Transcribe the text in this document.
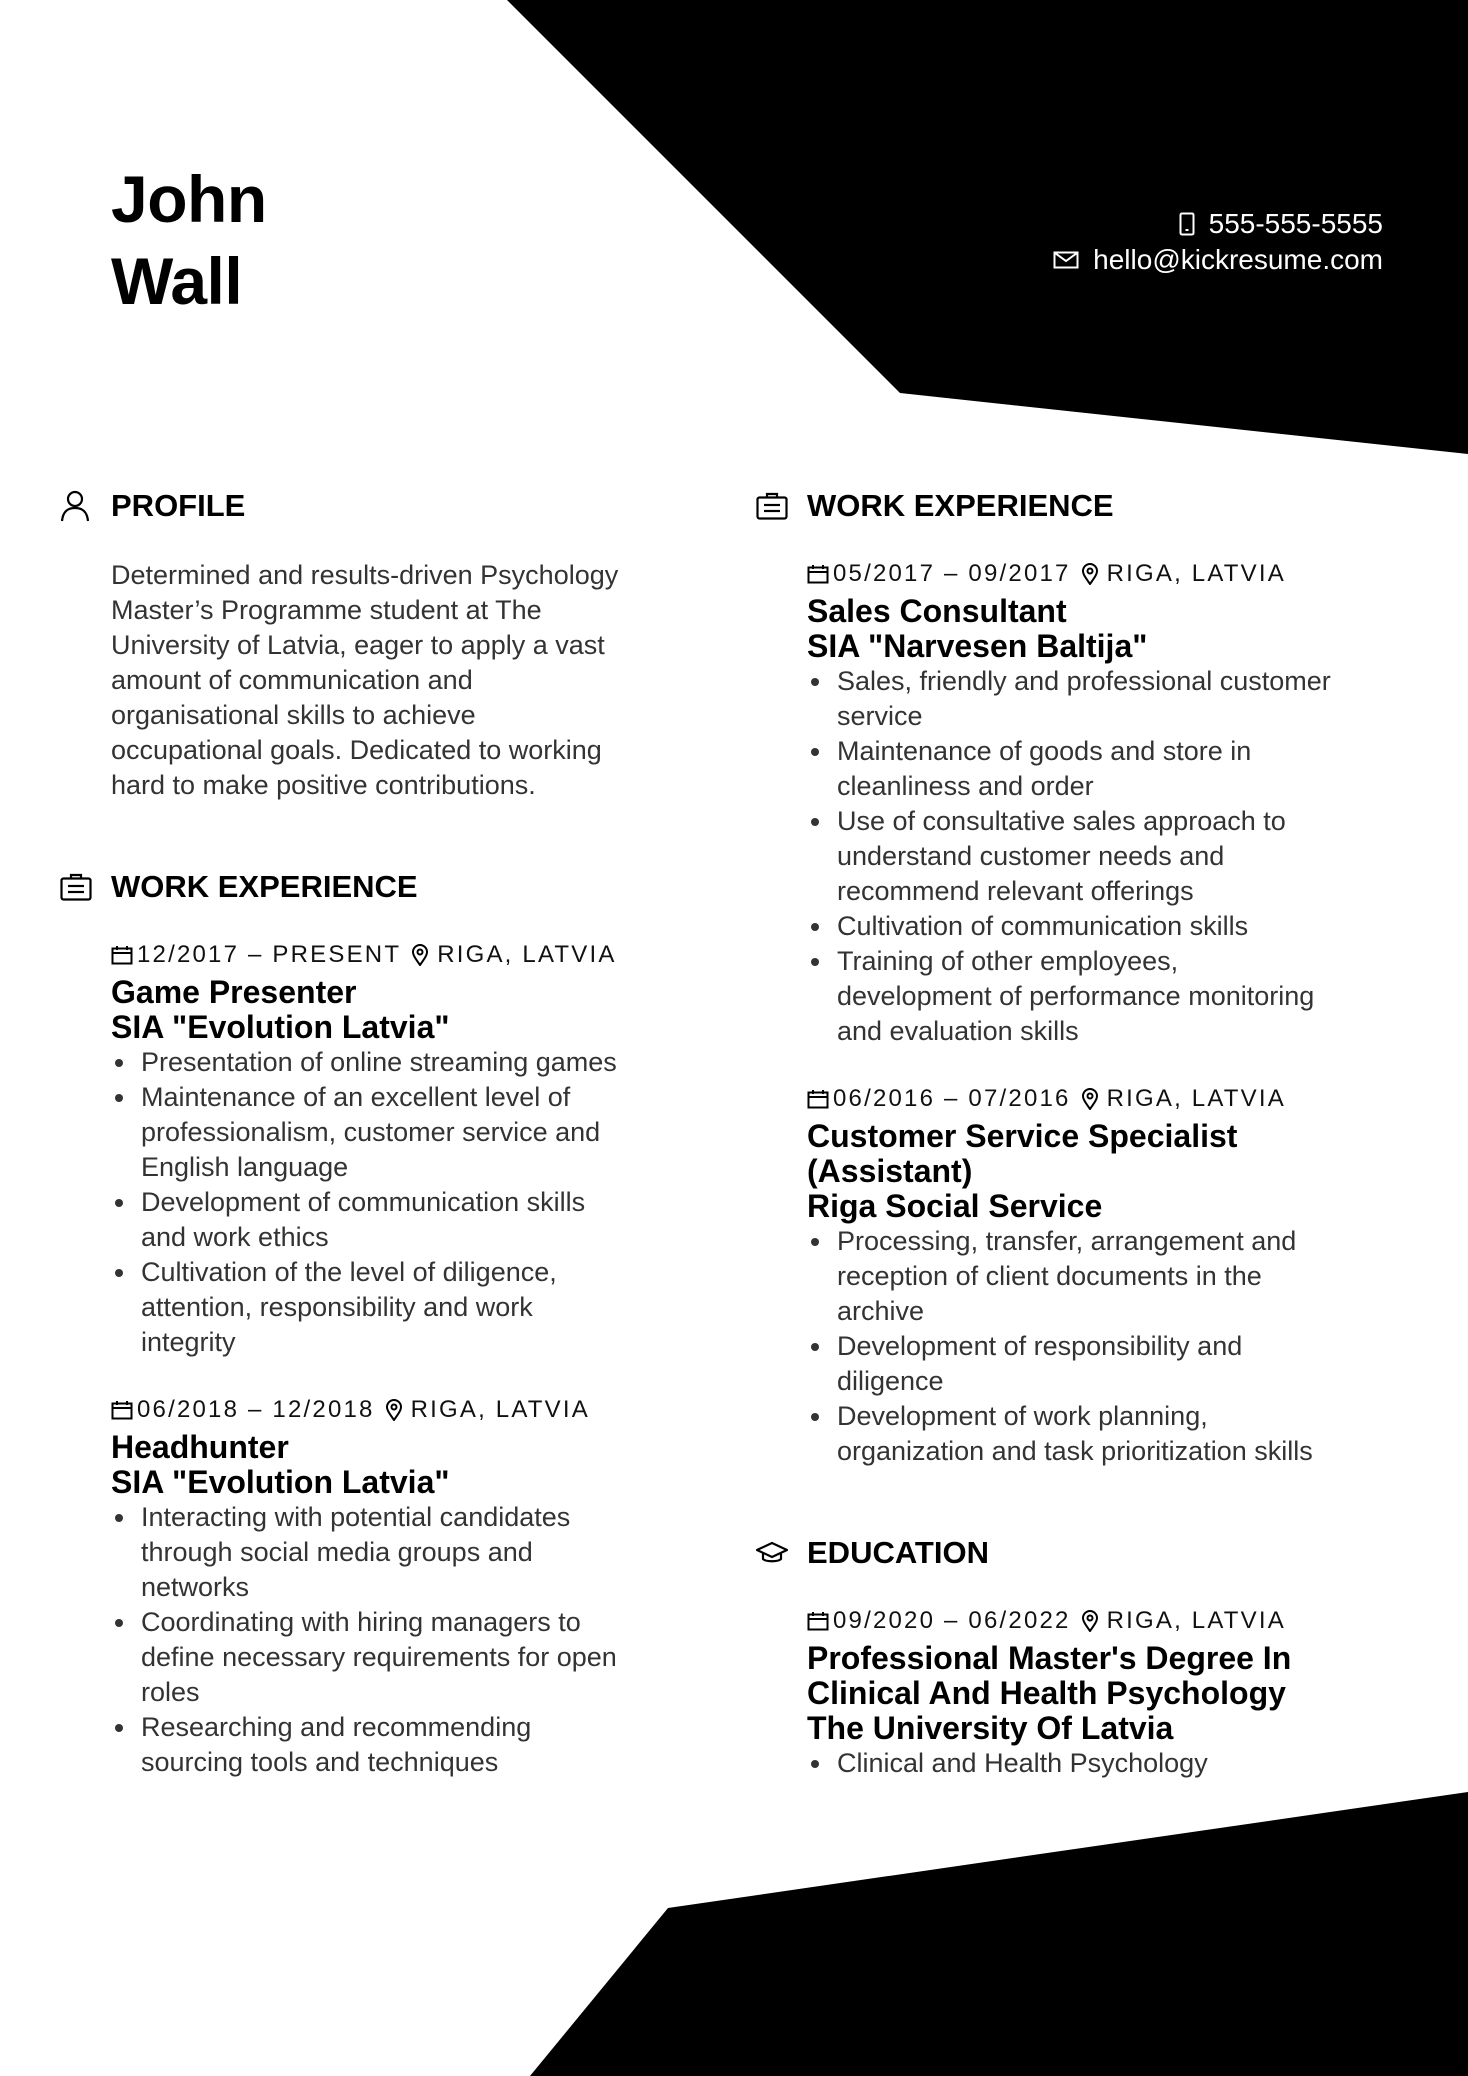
John
Wall
555-555-5555
hello@kickresume.com
PROFILE
Determined and results-driven Psychology
Master’s Programme student at The
University of Latvia, eager to apply a vast
amount of communication and
organisational skills to achieve
occupational goals. Dedicated to working
hard to make positive contributions.
WORK EXPERIENCE
12/2017 – PRESENT RIGA, LATVIA
Game Presenter
SIA "Evolution Latvia"
Presentation of online streaming games
Maintenance of an excellent level of
professionalism, customer service and
English language
Development of communication skills
and work ethics
Cultivation of the level of diligence,
attention, responsibility and work
integrity
06/2018 – 12/2018 RIGA, LATVIA
Headhunter
SIA "Evolution Latvia"
Interacting with potential candidates
through social media groups and
networks
Coordinating with hiring managers to
define necessary requirements for open
roles
Researching and recommending
sourcing tools and techniques
WORK EXPERIENCE
05/2017 – 09/2017 RIGA, LATVIA
Sales Consultant
SIA "Narvesen Baltija"
Sales, friendly and professional customer
service
Maintenance of goods and store in
cleanliness and order
Use of consultative sales approach to
understand customer needs and
recommend relevant offerings
Cultivation of communication skills
Training of other employees,
development of performance monitoring
and evaluation skills
06/2016 – 07/2016 RIGA, LATVIA
Customer Service Specialist
(Assistant)
Riga Social Service
Processing, transfer, arrangement and
reception of client documents in the
archive
Development of responsibility and
diligence
Development of work planning,
organization and task prioritization skills
EDUCATION
09/2020 – 06/2022 RIGA, LATVIA
Professional Master's Degree In
Clinical And Health Psychology
The University Of Latvia
Clinical and Health Psychology
